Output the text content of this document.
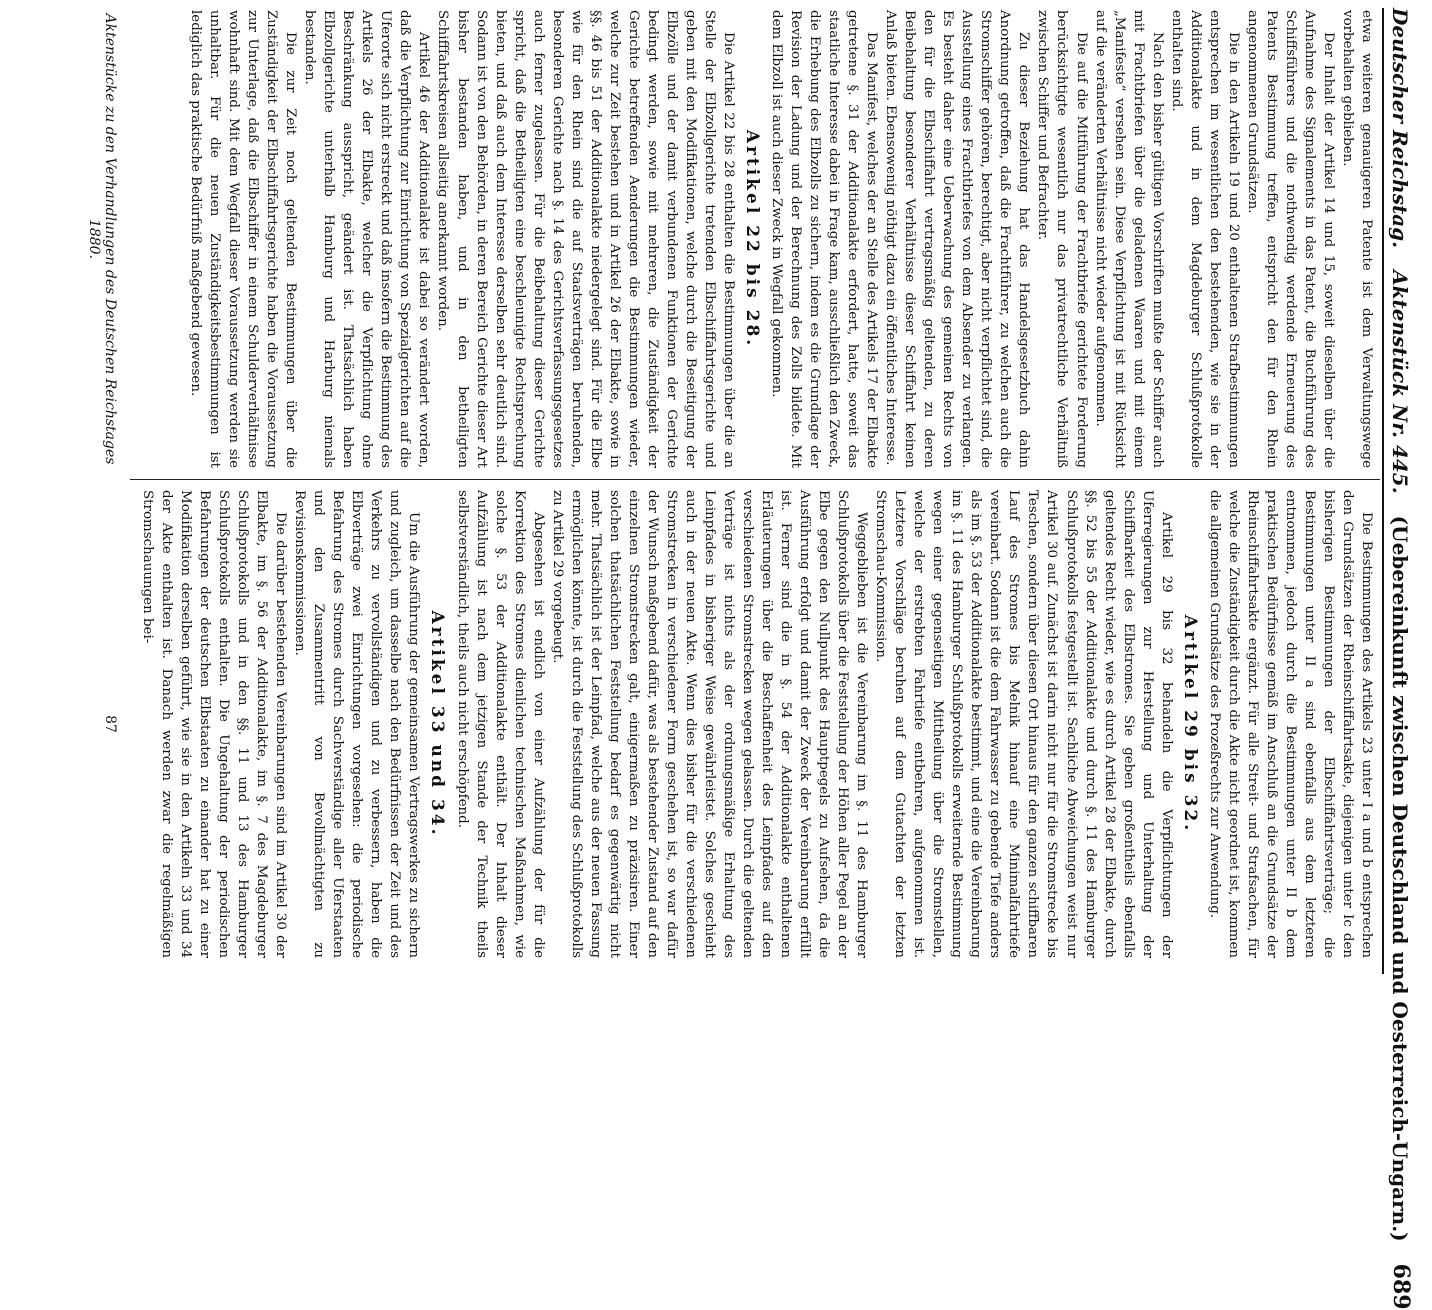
Deutscher Reichstag.
Aktenstück Nr. 445.
(Uebereinkunft zwischen Deutschland und Oesterreich-Ungarn.)
689

etwa weiteren genauigeren Patente ist dem Verwaltungswege vorbehalten geblieben.

Der Inhalt der Artikel 14 und 15, soweit dieselben über die Aufnahme des Signalements in das Patent, die Buchführung des Schiffsführers und die nothwendig werdende Erneuerung des Patents Bestimmung treffen, entspricht den für den Rhein angenommenen Grundsätzen.

Die in den Artikeln 19 und 20 enthaltenen Strafbestimmungen entsprechen im wesentlichen den bestehenden, wie sie in der Additionalakte und in dem Magdeburger Schlußprotokolle enthalten sind.

Nach den bisher gültigen Vorschriften mußte der Schiffer auch mit Frachtbriefen über die geladenen Waaren und mit einem „Manifeste“ versehen sein. Diese Verpflichtung ist mit Rücksicht auf die veränderten Verhältnisse nicht wieder aufgenommen.

Die auf die Mitführung der Frachtbriefe gerichtete Forderung berücksichtigte wesentlich nur das privatrechtliche Verhältniß zwischen Schiffer und Befrachter.

Zu dieser Beziehung hat das Handelsgesetzbuch dahin Anordnung getroffen, daß die Frachtführer, zu welchen auch die Stromschiffer gehören, berechtigt, aber nicht verpflichtet sind, die Ausstellung eines Frachtbriefes von dem Absender zu verlangen. Es besteht daher eine Ueberwachung des gemeinen Rechts von den für die Elbschiffahrt vertragsmäßig geltenden, zu deren Beibehaltung besonderer Verhältnisse dieser Schiffahrt keinen Anlaß bieten. Ebensowenig nöthigt dazu ein öffentliches Interesse.

Das Manifest, welches der an Stelle des Artikels 17 der Elbakte getretene §. 31 der Additionalakte erfordert, hatte, soweit das staatliche Interesse dabei in Frage kam, ausschließlich den Zweck, die Erhebung des Elbzolls zu sichern, indem es die Grundlage der Revision der Ladung und der Berechnung des Zolls bildete. Mit dem Elbzoll ist auch dieser Zweck in Wegfall gekommen.

Artikel 22 bis 28.

Die Artikel 22 bis 28 enthalten die Bestimmungen über die an Stelle der Elbzollgerichte tretenden Elbschiffahrtsgerichte und geben mit den Modifikationen, welche durch die Beseitigung der Elbzölle und der damit verbundenen Funktionen der Gerichte bedingt werden, sowie mit mehreren, die Zuständigkeit der Gerichte betreffenden Aenderungen die Bestimmungen wieder, welche zur Zeit bestehen und in Artikel 26 der Elbakte, sowie in §§. 46 bis 51 der Additionalakte niedergelegt sind. Für die Elbe wie für den Rhein sind die auf Staatsverträgen beruhenden, besonderen Gerichte nach §. 14 des Gerichtsverfassungsgesetzes auch ferner zugelassen. Für die Beibehaltung dieser Gerichte spricht, daß die Betheiligten eine beschleunigte Rechtsprechung bieten, und daß auch dem Interesse derselben sehr deutlich sind. Sodann ist von den Behörden, in deren Bereich Gerichte dieser Art bisher bestanden haben, und in den betheiligten Schifffahrtskreisen allseitig anerkannt worden.

Artikel 46 der Additionalakte ist dabei so verändert worden, daß die Verpflichtung zur Einrichtung von Spezialgerichten auf die Uferorte sich nicht erstreckt und daß insofern die Bestimmung des Artikels 26 der Elbakte, welcher die Verpflichtung ohne Beschränkung ausspricht, geändert ist. Thatsächlich haben Elbzollgerichte unterhalb Hamburg und Harburg niemals bestanden.

Die zur Zeit noch geltenden Bestimmungen über die Zuständigkeit der Elbschiffahrtsgerichte haben die Voraussetzung zur Unterlage, daß die Elbschiffer in einem Schulderverhältnisse wohnhaft sind. Mit dem Wegfall dieser Voraussetzung werden sie unhaltbar. Für die neuen Zuständigkeitsbestimmungen ist lediglich das praktische Bedürfniß maßgebend gewesen.

Die Bestimmungen des Artikels 23 unter I a und b entsprechen den Grundsätzen der Rheinschiffahrtsakte, diejenigen unter Ic den bisherigen Bestimmungen der Elbschiffahrtsverträge; die Bestimmungen unter II a sind ebenfalls aus dem letzteren entnommen, jedoch durch die Bestimmungen unter II b dem praktischen Bedürfnisse gemäß im Anschluß an die Grundsätze der Rheinschiffahrtsakte ergänzt. Für alle Streit- und Strafsachen, für welche die Zuständigkeit durch die Akte nicht geordnet ist, kommen die allgemeinen Grundsätze des Prozeßrechts zur Anwendung.

Artikel 29 bis 32.

Artikel 29 bis 32 behandeln die Verpflichtungen der Uferregierungen zur Herstellung und Unterhaltung der Schiffbarkeit des Elbstromes. Sie geben großentheils ebenfalls geltendes Recht wieder, wie es durch Artikel 28 der Elbakte, durch §§. 52 bis 55 der Additionalakte und durch §. 11 des Hamburger Schlußprotokolls festgestellt ist. Sachliche Abweichungen weist nur Artikel 30 auf. Zunächst ist darin nicht nur für die Stromstrecke bis Teschen, sondern über diesen Ort hinaus für den ganzen schiffbaren Lauf des Stromes bis Melnik hinauf eine Minimalfahrtiefe vereinbart. Sodann ist die dem Fahrwasser zu gebende Tiefe anders als im §. 53 der Additionalakte bestimmt, und eine die Vereinbarung im §. 11 des Hamburger Schlußprotokolls erweiternde Bestimmung wegen einer gegenseitigen Mittheilung über die Stromstellen, welche der erstrebten Fahrtiefe entbehren, aufgenommen ist. Letztere Vorschläge beruhen auf dem Gutachten der letzten Stromschau-Kommission.

Weggeblieben ist die Vereinbarung im §. 11 des Hamburger Schlußprotokolls über die Feststellung der Höhen aller Pegel an der Elbe gegen den Nullpunkt des Hauptpegels zu Aufsehen, da die Ausführung erfolgt und damit der Zweck der Vereinbarung erfüllt ist. Ferner sind die in §. 54 der Additionalakte enthaltenen Erläuterungen über die Beschaffenheit des Leinpfades auf den verschiedenen Stromstrecken wegen gelassen. Durch die geltenden Verträge ist nichts als der ordnungsmäßige Erhaltung des Leinpfades in bisheriger Weise gewährleistet. Solches geschieht auch in der neuen Akte. Wenn dies bisher für die verschiedenen Stromstrecken in verschiedener Form geschehen ist, so war dafür der Wunsch maßgebend dafür, was als bestehender Zustand auf den einzelnen Stromstrecken galt, einigermaßen zu präzisiren. Einer solchen thatsächlichen Feststellung bedarf es gegenwärtig nicht mehr. Thatsächlich ist der Leinpfad, welche aus der neuen Fassung ermöglichen könnte, ist durch die Feststellung des Schlußprotokolls zu Artikel 29 vorgebeugt.

Abgesehen ist endlich von einer Aufzählung der für die Korrektion des Stromes dienlichen technischen Maßnahmen, wie solche §. 53 der Additionalakte enthält. Der Inhalt dieser Aufzählung ist nach dem jetzigen Stande der Technik theils selbstverständlich, theils auch nicht erschöpfend.

Artikel 33 und 34.

Um die Ausführung der gemeinsamen Vertragswerkes zu sichern und zugleich, um dasselbe nach den Bedürfnissen der Zeit und des Verkehrs zu vervollständigen und zu verbessern, haben die Elbverträge zwei Einrichtungen vorgesehen: die periodische Befahrung des Stromes durch Sachverständige aller Uferstaaten und den Zusammentritt von Bevollmächtigten zu Revisionskommissionen.

Die darüber bestehenden Vereinbarungen sind im Artikel 30 der Elbakte, im §. 56 der Additionalakte, im §. 7 des Magdeburger Schlußprotokolls und in den §§. 11 und 13 des Hamburger Schlußprotokolls enthalten. Die Ungehaltung der periodischen Befahrungen der deutschen Elbstaaten zu einander hat zu einer Modifikation derselben geführt, wie sie in den Artikeln 33 und 34 der Akte enthalten ist. Danach werden zwar die regelmäßigen Stromschauungen bei-

Aktenstücke zu den Verhandlungen des Deutschen Reichstages 1880.
87
